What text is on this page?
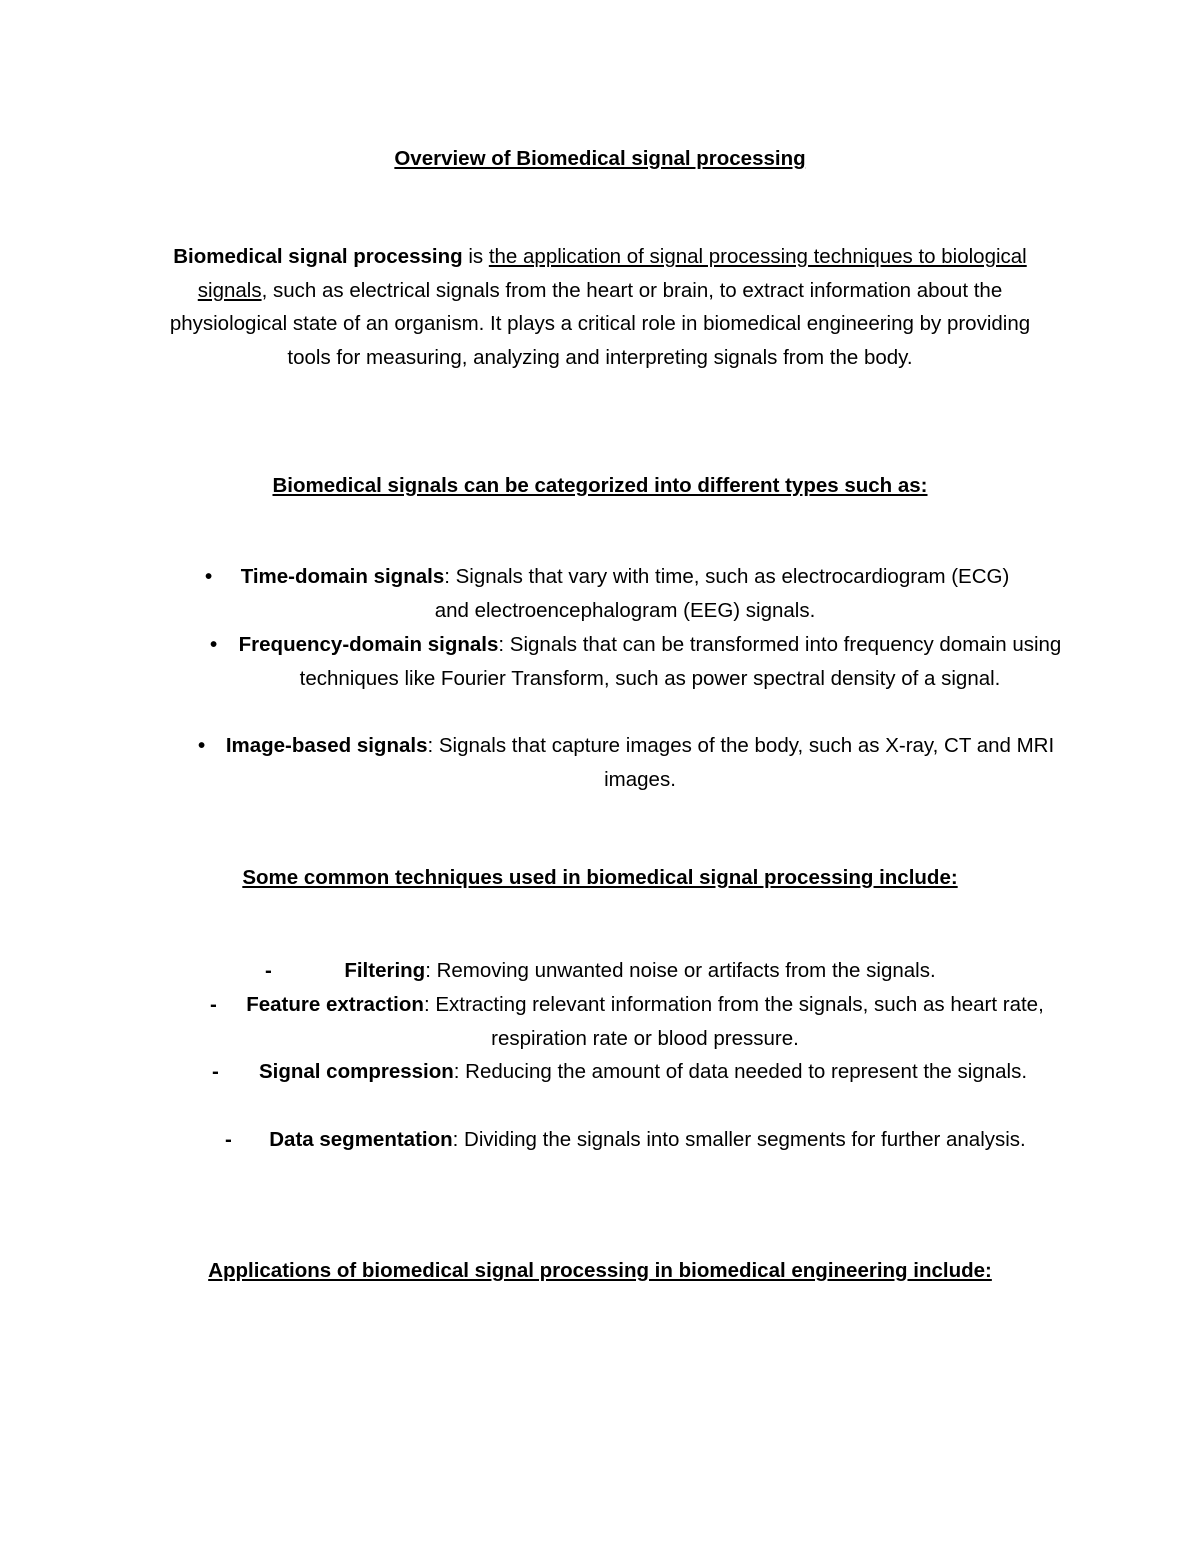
Overview of Biomedical signal processing
Biomedical signal processing is the application of signal processing techniques to biological signals, such as electrical signals from the heart or brain, to extract information about the physiological state of an organism. It plays a critical role in biomedical engineering by providing tools for measuring, analyzing and interpreting signals from the body.
Biomedical signals can be categorized into different types such as:
• Time-domain signals: Signals that vary with time, such as electrocardiogram (ECG) and electroencephalogram (EEG) signals.
• Frequency-domain signals: Signals that can be transformed into frequency domain using techniques like Fourier Transform, such as power spectral density of a signal.
• Image-based signals: Signals that capture images of the body, such as X-ray, CT and MRI images.
Some common techniques used in biomedical signal processing include:
-	Filtering: Removing unwanted noise or artifacts from the signals.
- Feature extraction: Extracting relevant information from the signals, such as heart rate, respiration rate or blood pressure.
- Signal compression: Reducing the amount of data needed to represent the signals.
- Data segmentation: Dividing the signals into smaller segments for further analysis.
Applications of biomedical signal processing in biomedical engineering include:
